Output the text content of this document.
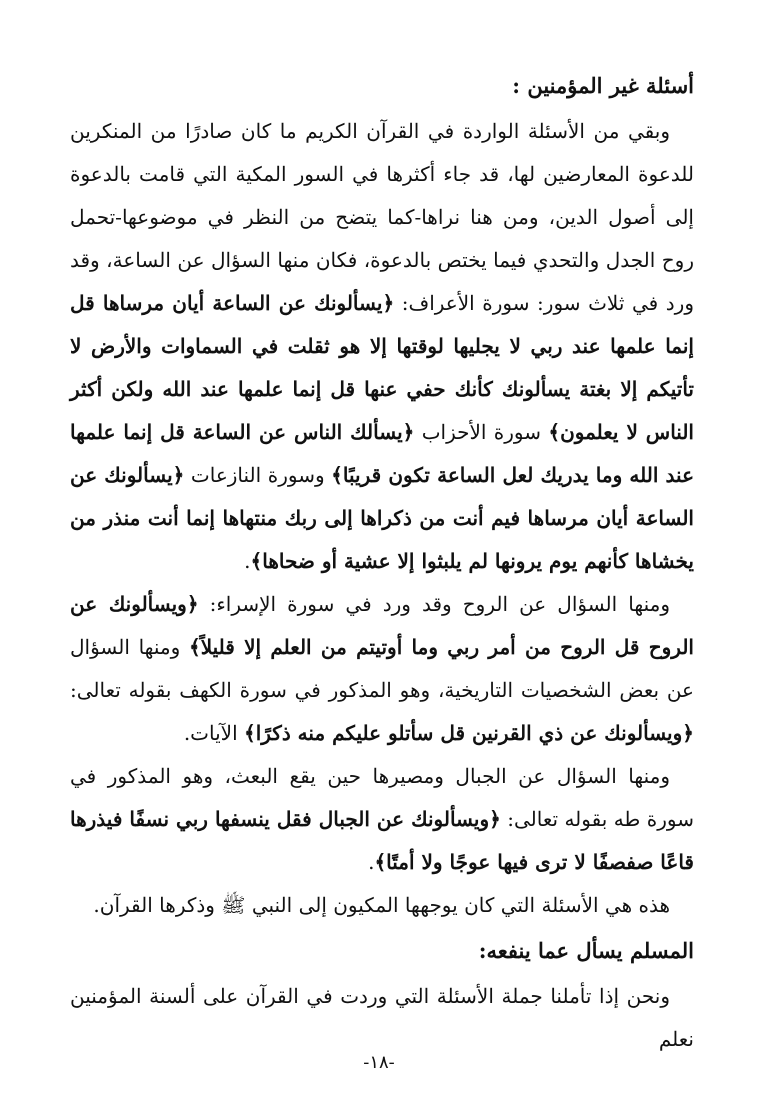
أسئلة غير المؤمنين :

وبقي من الأسئلة الواردة في القرآن الكريم ما كان صادرًا من المنكرين للدعوة المعارضين لها، قد جاء أكثرها في السور المكية التي قامت بالدعوة إلى أصول الدين، ومن هنا نراها-كما يتضح من النظر في موضوعها-تحمل روح الجدل والتحدي فيما يختص بالدعوة، فكان منها السؤال عن الساعة، وقد ورد في ثلاث سور: سورة الأعراف: ﴿يسألونك عن الساعة أيان مرساها قل إنما علمها عند ربي لا يجليها لوقتها إلا هو ثقلت في السماوات والأرض لا تأتيكم إلا بغتة يسألونك كأنك حفي عنها قل إنما علمها عند الله ولكن أكثر الناس لا يعلمون﴾ سورة الأحزاب ﴿يسألك الناس عن الساعة قل إنما علمها عند الله وما يدريك لعل الساعة تكون قريبًا﴾ وسورة النازعات ﴿يسألونك عن الساعة أيان مرساها فيم أنت من ذكراها إلى ربك منتهاها إنما أنت منذر من يخشاها كأنهم يوم يرونها لم يلبثوا إلا عشية أو ضحاها﴾.

ومنها السؤال عن الروح وقد ورد في سورة الإسراء: ﴿ويسألونك عن الروح قل الروح من أمر ربي وما أوتيتم من العلم إلا قليلاً﴾ ومنها السؤال عن بعض الشخصيات التاريخية، وهو المذكور في سورة الكهف بقوله تعالى: ﴿ويسألونك عن ذي القرنين قل سأتلو عليكم منه ذكرًا﴾ الآيات.

ومنها السؤال عن الجبال ومصيرها حين يقع البعث، وهو المذكور في سورة طه بقوله تعالى: ﴿ويسألونك عن الجبال فقل ينسفها ربي نسفًا فيذرها قاعًا صفصفًا لا ترى فيها عوجًا ولا أمتًا﴾.

هذه هي الأسئلة التي كان يوجهها المكيون إلى النبي ﷺ وذكرها القرآن.

المسلم يسأل عما ينفعه:

ونحن إذا تأملنا جملة الأسئلة التي وردت في القرآن على ألسنة المؤمنين نعلم

-١٨-
